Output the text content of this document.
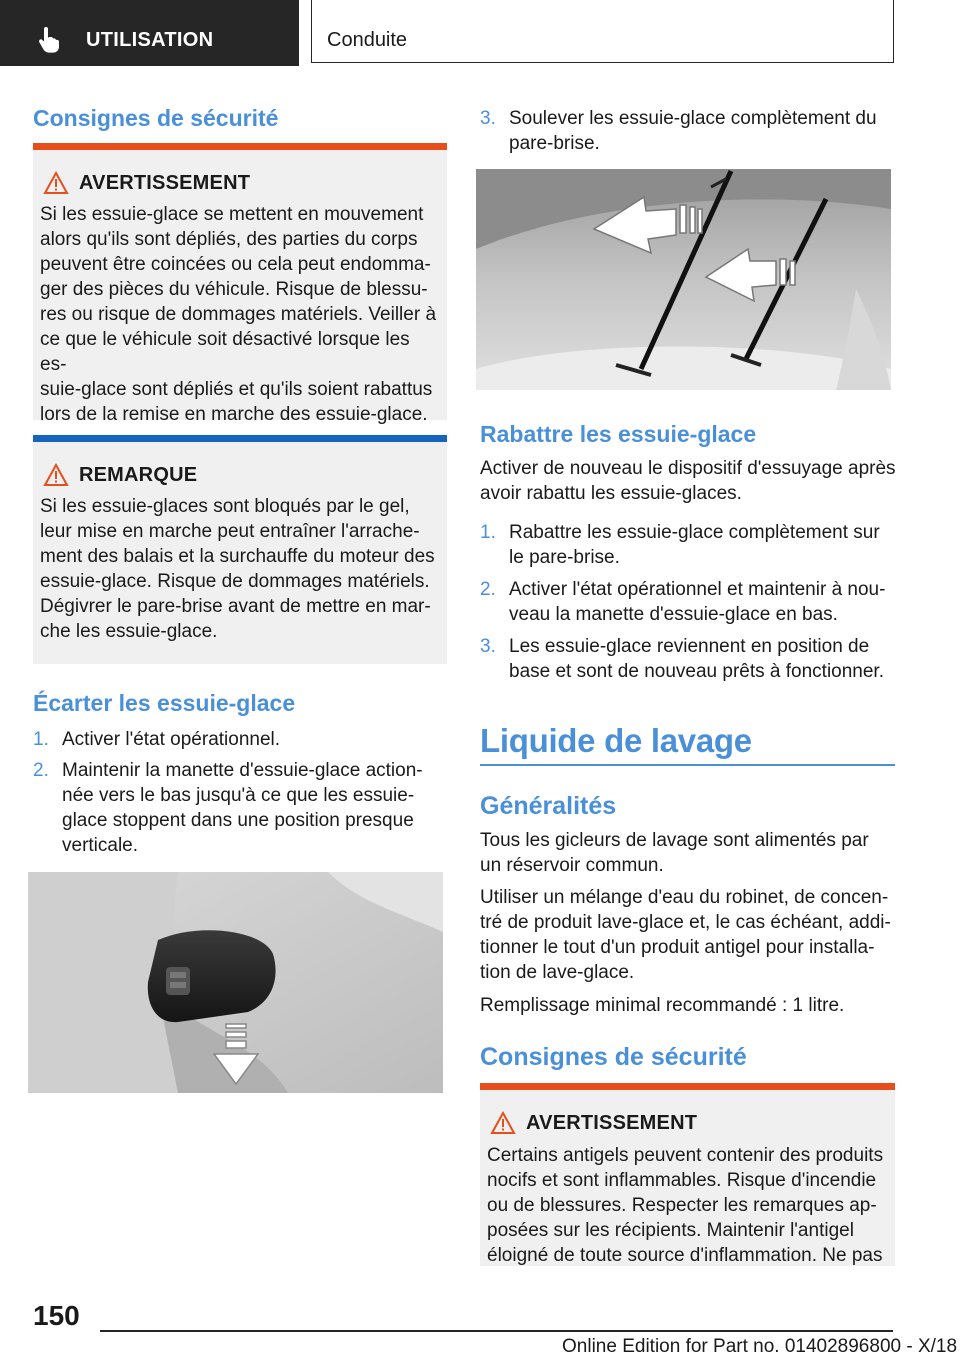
UTILISATION	Conduite
Consignes de sécurité
AVERTISSEMENT

Si les essuie-glace se mettent en mouvement
alors qu'ils sont dépliés, des parties du corps
peuvent être coincées ou cela peut endomma-
ger des pièces du véhicule. Risque de blessu-
res ou risque de dommages matériels. Veiller à
ce que le véhicule soit désactivé lorsque les es-
suie-glace sont dépliés et qu'ils soient rabattus
lors de la remise en marche des essuie-glace.

REMARQUE

Si les essuie-glaces sont bloqués par le gel,
leur mise en marche peut entraîner l'arrache-
ment des balais et la surchauffe du moteur des
essuie-glace. Risque de dommages matériels.
Dégivrer le pare-brise avant de mettre en mar-
che les essuie-glace.

Écarter les essuie-glace
1. Activer l'état opérationnel.
2. Maintenir la manette d'essuie-glace action-
née vers le bas jusqu'à ce que les essuie-
glace stoppent dans une position presque
verticale.
3. Soulever les essuie-glace complètement du
pare-brise.
Rabattre les essuie-glace

Activer de nouveau le dispositif d'essuyage après
avoir rabattu les essuie-glaces.

1. Rabattre les essuie-glace complètement sur
le pare-brise.
2. Activer l'état opérationnel et maintenir à nou-
veau la manette d'essuie-glace en bas.
3. Les essuie-glace reviennent en position de
base et sont de nouveau prêts à fonctionner.
Liquide de lavage
Généralités

Tous les gicleurs de lavage sont alimentés par
un réservoir commun.

Utiliser un mélange d'eau du robinet, de concen-
tré de produit lave-glace et, le cas échéant, addi-
tionner le tout d'un produit antigel pour installa-
tion de lave-glace.

Remplissage minimal recommandé : 1 litre.

Consignes de sécurité
AVERTISSEMENT

Certains antigels peuvent contenir des produits
nocifs et sont inflammables. Risque d'incendie
ou de blessures. Respecter les remarques ap-
posées sur les récipients. Maintenir l'antigel
éloigné de toute source d'inflammation. Ne pas

150
Online Edition for Part no. 01402896800 - X/18
